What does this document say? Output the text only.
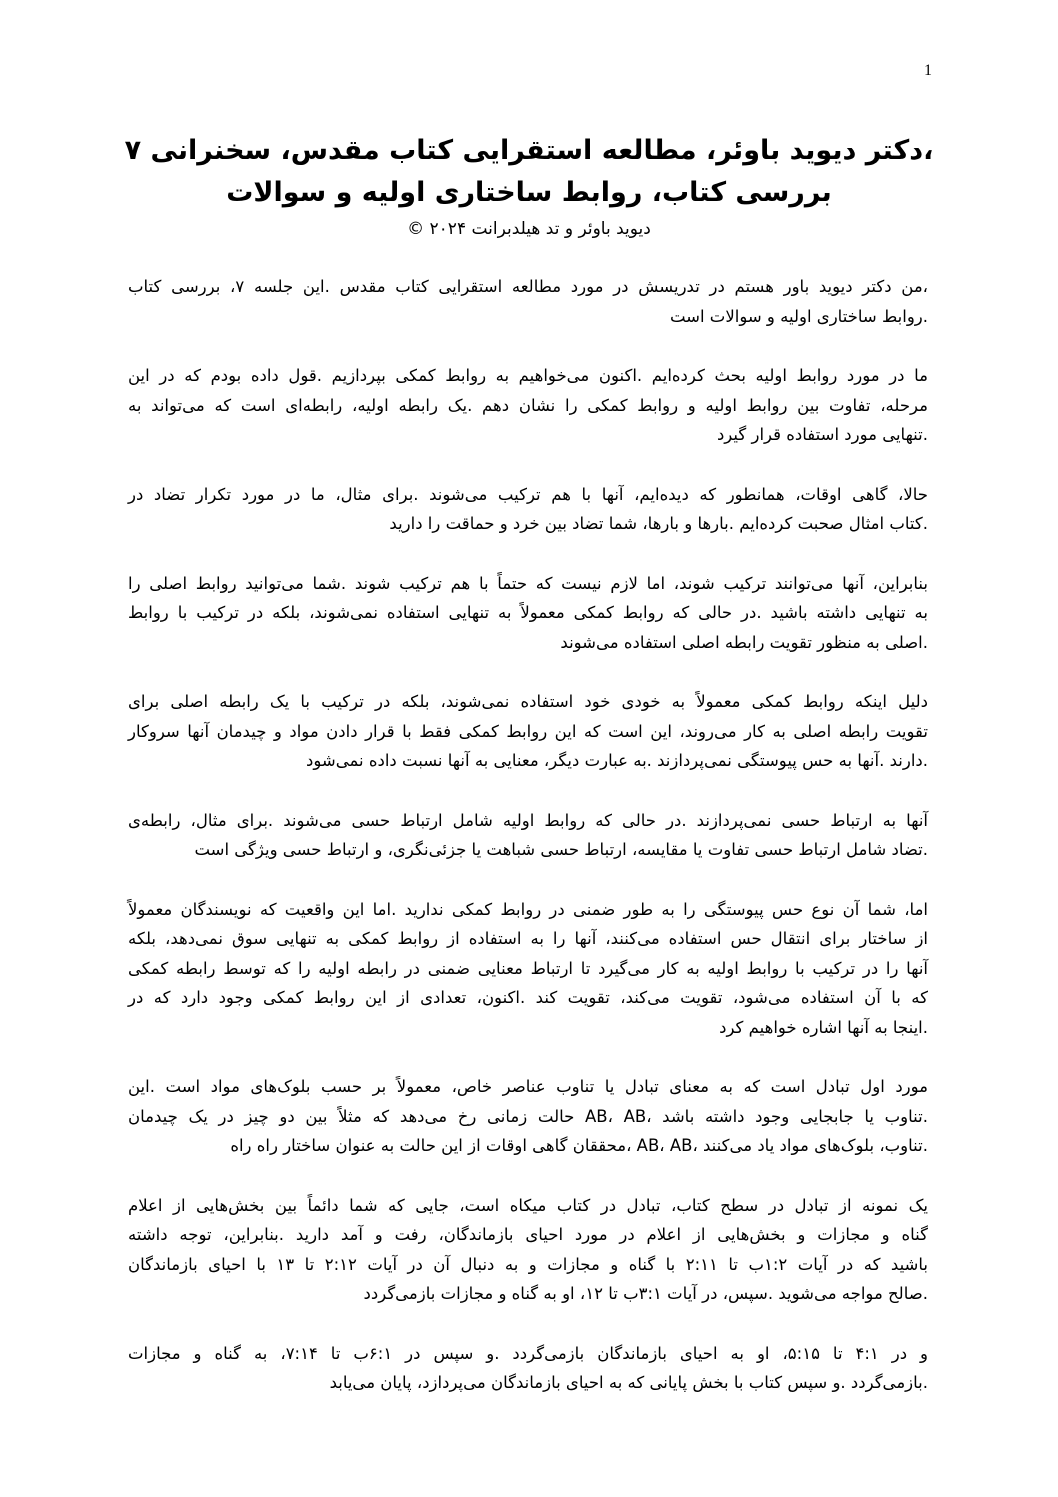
1
،دکتر دیوید باوئر، مطالعه استقرایی کتاب مقدس، سخنرانی ۷
بررسی کتاب، روابط ساختاری اولیه و سوالات
دیوید باوئر و تد هیلدبرانت ۲۰۲۴ ©
،من دکتر دیوید باور هستم در تدریسش در مورد مطالعه استقرایی کتاب مقدس .این جلسه ۷، بررسی کتاب
.روابط ساختاری اولیه و سوالات است
ما در مورد روابط اولیه بحث کرده‌ایم .اکنون می‌خواهیم به روابط کمکی بپردازیم .قول داده بودم که در این
مرحله، تفاوت بین روابط اولیه و روابط کمکی را نشان دهم .یک رابطه اولیه، رابطه‌ای است که می‌تواند به
.تنهایی مورد استفاده قرار گیرد
حالا، گاهی اوقات، همانطور که دیده‌ایم، آنها با هم ترکیب می‌شوند .برای مثال، ما در مورد تکرار تضاد در
.کتاب امثال صحبت کرده‌ایم .بارها و بارها، شما تضاد بین خرد و حماقت را دارید
بنابراین، آنها می‌توانند ترکیب شوند، اما لازم نیست که حتماً با هم ترکیب شوند .شما می‌توانید روابط اصلی را
به تنهایی داشته باشید .در حالی که روابط کمکی معمولاً به تنهایی استفاده نمی‌شوند، بلکه در ترکیب با روابط
.اصلی به منظور تقویت رابطه اصلی استفاده می‌شوند
دلیل اینکه روابط کمکی معمولاً به خودی خود استفاده نمی‌شوند، بلکه در ترکیب با یک رابطه اصلی برای
تقویت رابطه اصلی به کار می‌روند، این است که این روابط کمکی فقط با قرار دادن مواد و چیدمان آنها سروکار
.دارند .آنها به حس پیوستگی نمی‌پردازند .به عبارت دیگر، معنایی به آنها نسبت داده نمی‌شود
آنها به ارتباط حسی نمی‌پردازند .در حالی که روابط اولیه شامل ارتباط حسی می‌شوند .برای مثال، رابطه‌ی
.تضاد شامل ارتباط حسی تفاوت یا مقایسه، ارتباط حسی شباهت یا جزئی‌نگری، و ارتباط حسی ویژگی است
اما، شما آن نوع حس پیوستگی را به طور ضمنی در روابط کمکی ندارید .اما این واقعیت که نویسندگان معمولاً
از ساختار برای انتقال حس استفاده می‌کنند، آنها را به استفاده از روابط کمکی به تنهایی سوق نمی‌دهد، بلکه
آنها را در ترکیب با روابط اولیه به کار می‌گیرد تا ارتباط معنایی ضمنی در رابطه اولیه را که توسط رابطه کمکی
که با آن استفاده می‌شود، تقویت می‌کند، تقویت کند .اکنون، تعدادی از این روابط کمکی وجود دارد که در
.اینجا به آنها اشاره خواهیم کرد
مورد اول تبادل است که به معنای تبادل یا تناوب عناصر خاص، معمولاً بر حسب بلوک‌های مواد است .این
.تناوب یا جابجایی وجود داشته باشد ،AB، AB حالت زمانی رخ می‌دهد که مثلاً بین دو چیز در یک چیدمان
.تناوب، بلوک‌های مواد یاد می‌کنند ،AB، AB ،محققان گاهی اوقات از این حالت به عنوان ساختار راه راه
یک نمونه از تبادل در سطح کتاب، تبادل در کتاب میکاه است، جایی که شما دائماً بین بخش‌هایی از اعلام
گناه و مجازات و بخش‌هایی از اعلام در مورد احیای بازماندگان، رفت و آمد دارید .بنابراین، توجه داشته
باشید که در آیات ۱:۲ب تا ۲:۱۱ با گناه و مجازات و به دنبال آن در آیات ۲:۱۲ تا ۱۳ با احیای بازماندگان
.صالح مواجه می‌شوید .سپس، در آیات ۳:۱ب تا ۱۲، او به گناه و مجازات بازمی‌گردد
و در ۴:۱ تا ۵:۱۵، او به احیای بازماندگان بازمی‌گردد .و سپس در ۶:۱ب تا ۷:۱۴، به گناه و مجازات
.بازمی‌گردد .و سپس کتاب با بخش پایانی که به احیای بازماندگان می‌پردازد، پایان می‌یابد
